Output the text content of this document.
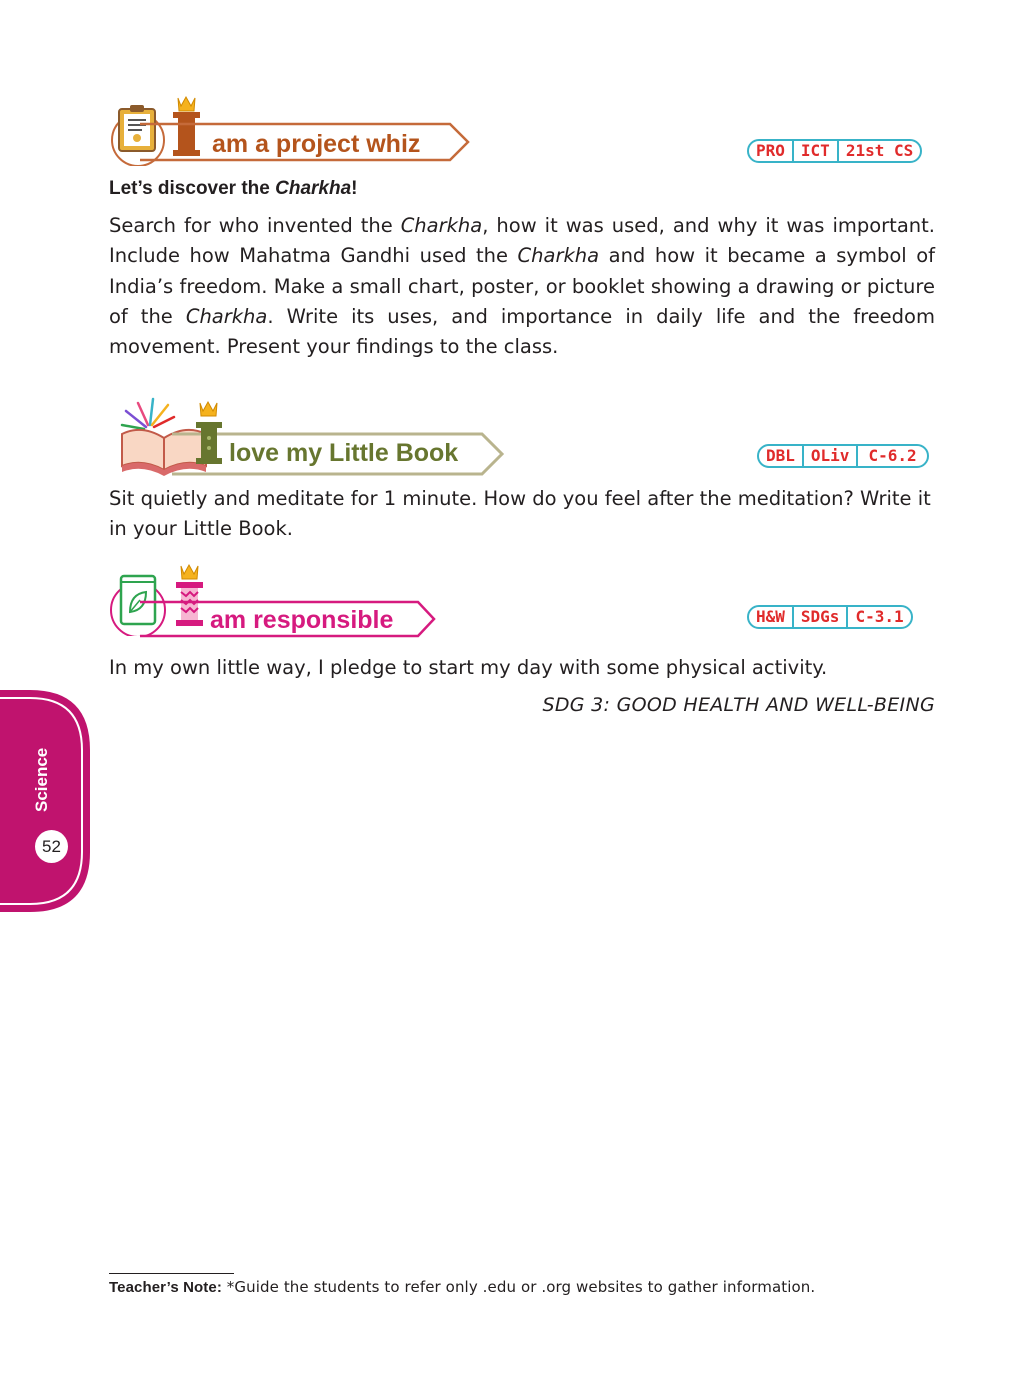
am a project whiz	PRO	ICT	21st CS
Let’s discover the Charkha!

Search for who invented the Charkha, how it was used, and why it was important. Include how Mahatma Gandhi used the Charkha and how it became a symbol of India’s freedom. Make a small chart, poster, or booklet showing a drawing or picture of the Charkha. Write its uses, and importance in daily life and the freedom movement. Present your findings to the class.

love my Little Book	DBL	OLiv	C-6.2

Sit quietly and meditate for 1 minute. How do you feel after the meditation? Write it in your Little Book.

am responsible	H&W	SDGs	C-3.1

In my own little way, I pledge to start my day with some physical activity.

SDG 3: GOOD HEALTH AND WELL-BEING
Science
52
Teacher’s Note: *Guide the students to refer only .edu or .org websites to gather information.
